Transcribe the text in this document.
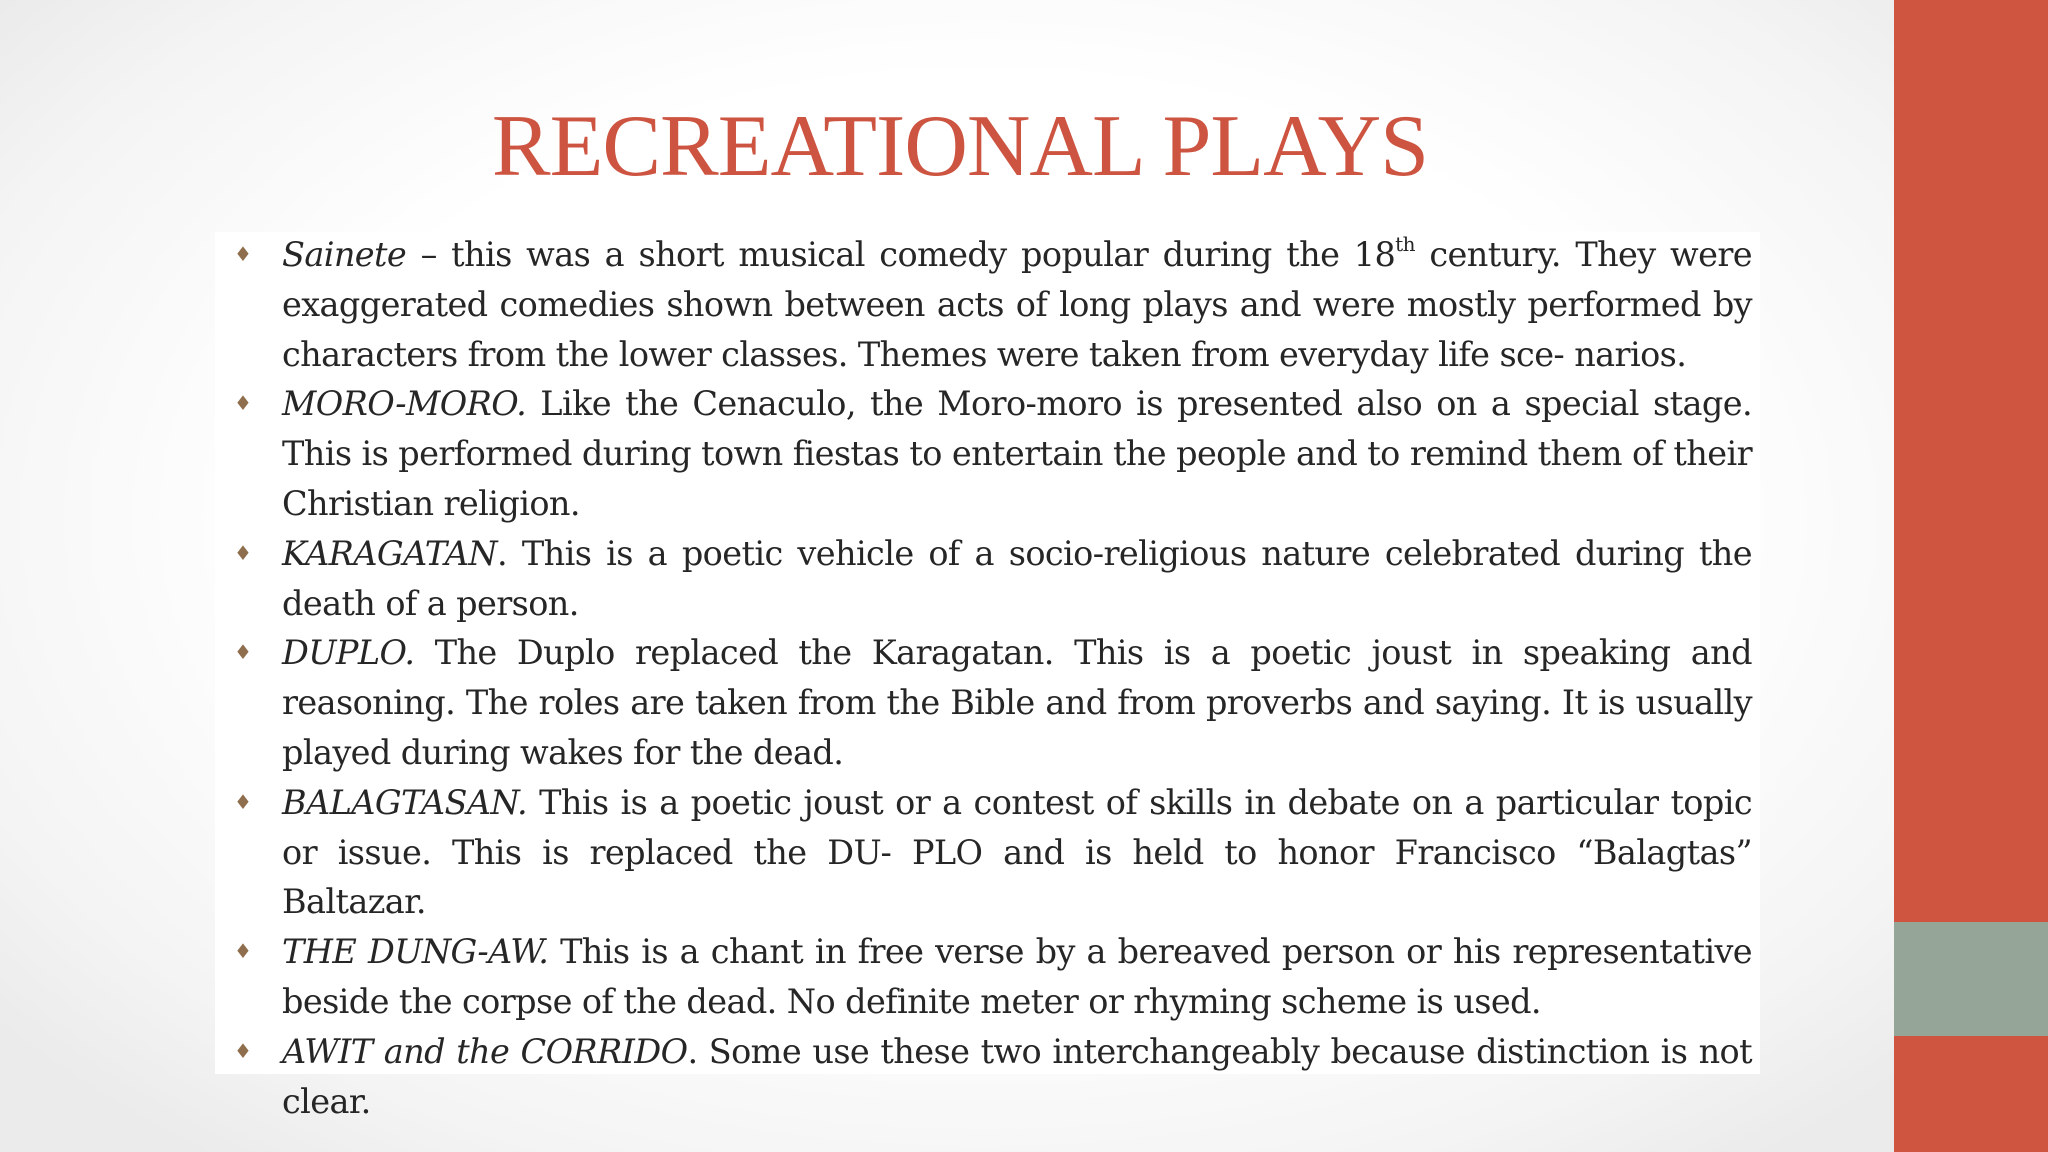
RECREATIONAL PLAYS
♦ Sainete – this was a short musical comedy popular during the 18th century. They were exaggerated comedies shown between acts of long plays and were mostly performed by characters from the lower classes. Themes were taken from everyday life sce- narios.
♦ MORO-MORO. Like the Cenaculo, the Moro-moro is presented also on a special stage. This is performed during town fiestas to entertain the people and to remind them of their Christian religion.
♦ KARAGATAN. This is a poetic vehicle of a socio-religious nature celebrated during the death of a person.
♦ DUPLO. The Duplo replaced the Karagatan. This is a poetic joust in speaking and reasoning. The roles are taken from the Bible and from proverbs and saying. It is usually played during wakes for the dead.
♦ BALAGTASAN. This is a poetic joust or a contest of skills in debate on a particular topic or issue. This is replaced the DU- PLO and is held to honor Francisco “Balagtas” Baltazar.
♦ THE DUNG-AW. This is a chant in free verse by a bereaved person or his representative beside the corpse of the dead. No definite meter or rhyming scheme is used.
♦ AWIT and the CORRIDO. Some use these two interchangeably because distinction is not clear.
